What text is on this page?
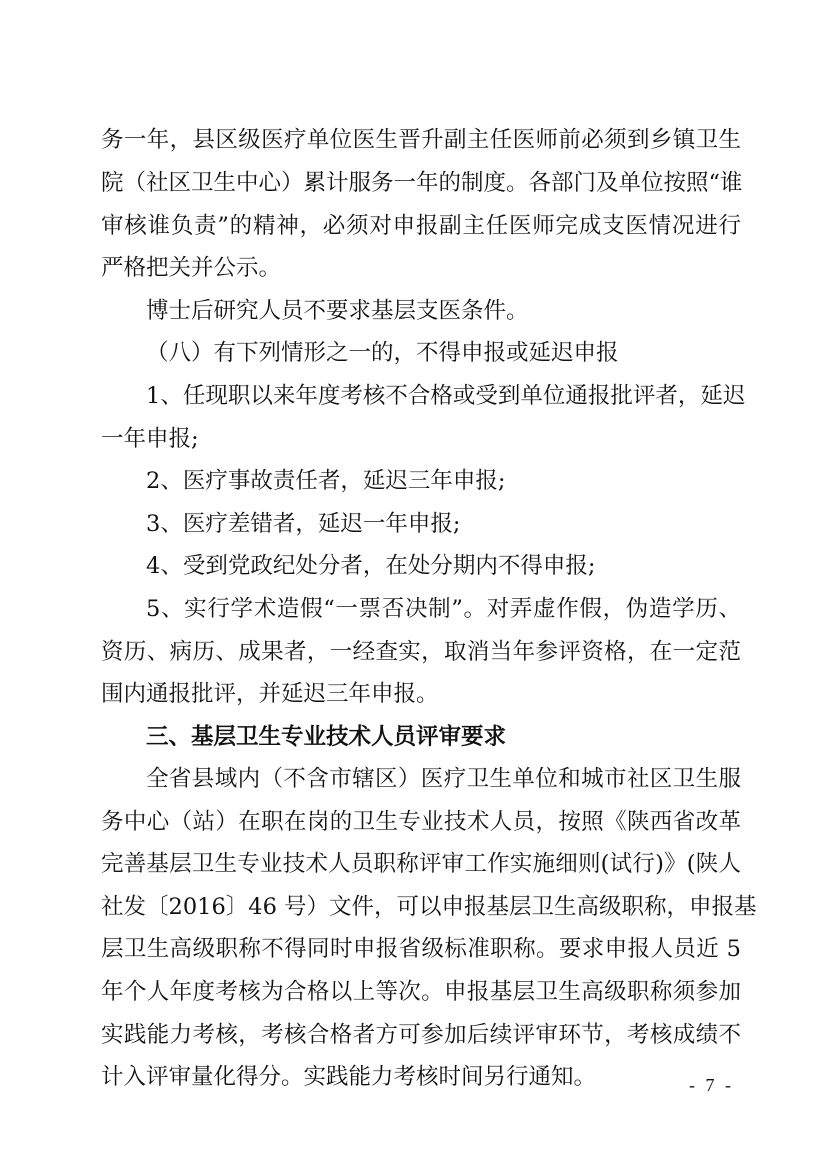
务一年，县区级医疗单位医生晋升副主任医师前必须到乡镇卫生
院（社区卫生中心）累计服务一年的制度。各部门及单位按照“谁
审核谁负责”的精神，必须对申报副主任医师完成支医情况进行
严格把关并公示。
博士后研究人员不要求基层支医条件。
（八）有下列情形之一的，不得申报或延迟申报
1、任现职以来年度考核不合格或受到单位通报批评者，延迟
一年申报;
2、医疗事故责任者，延迟三年申报;
3、医疗差错者，延迟一年申报;
4、受到党政纪处分者，在处分期内不得申报;
5、实行学术造假“一票否决制”。对弄虚作假，伪造学历、
资历、病历、成果者，一经查实，取消当年参评资格，在一定范
围内通报批评，并延迟三年申报。
三、基层卫生专业技术人员评审要求
全省县域内（不含市辖区）医疗卫生单位和城市社区卫生服
务中心（站）在职在岗的卫生专业技术人员，按照《陕西省改革
完善基层卫生专业技术人员职称评审工作实施细则(试行)》(陕人
社发〔2016〕46 号）文件，可以申报基层卫生高级职称，申报基
层卫生高级职称不得同时申报省级标准职称。要求申报人员近 5
年个人年度考核为合格以上等次。申报基层卫生高级职称须参加
实践能力考核，考核合格者方可参加后续评审环节，考核成绩不
计入评审量化得分。实践能力考核时间另行通知。	- 7 -
